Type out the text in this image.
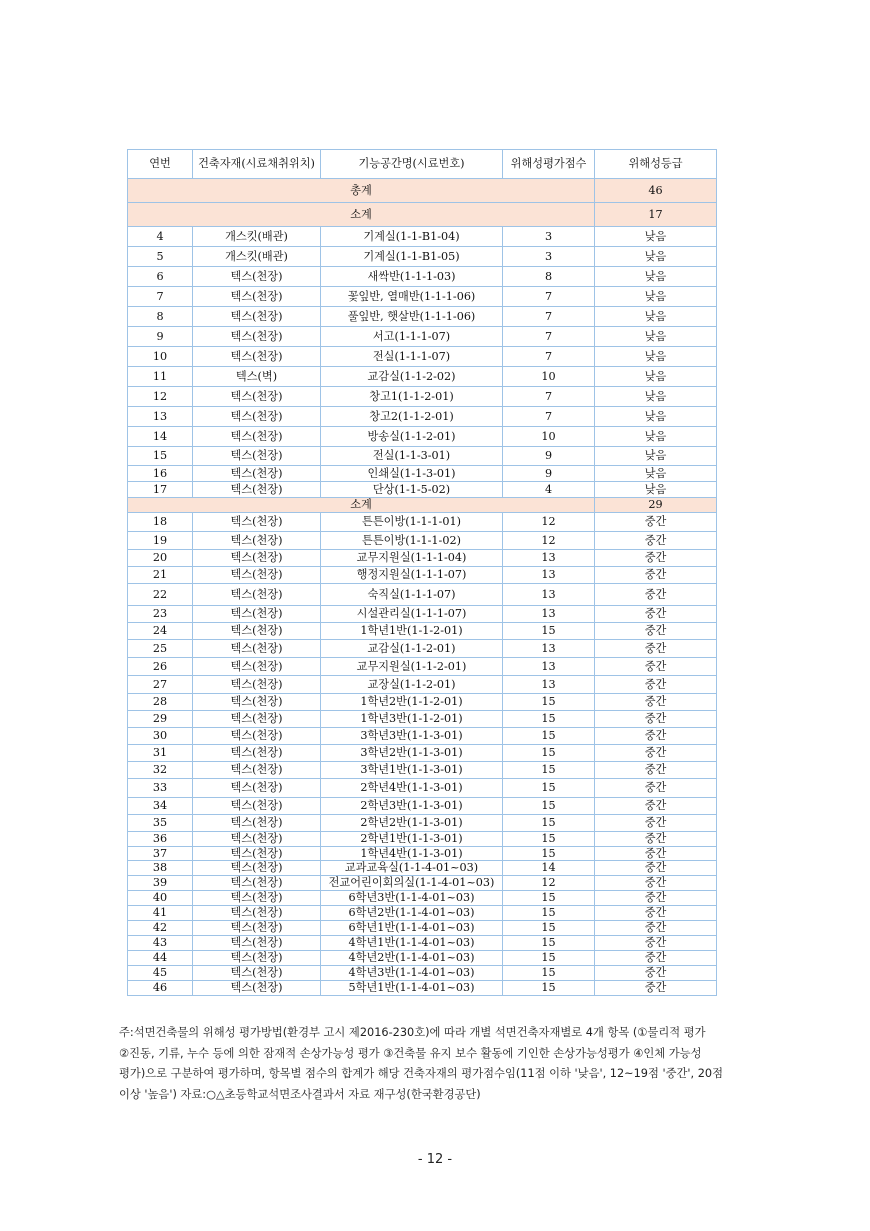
연번	건축자재(시료채취위치)	기능공간명(시료번호)	위해성평가점수	위해성등급
총계				46
소계				17
4	개스킷(배관)	기계실(1-1-B1-04)	3	낮음
5	개스킷(배관)	기계실(1-1-B1-05)	3	낮음
6	텍스(천장)	새싹반(1-1-1-03)	8	낮음
7	텍스(천장)	꽃잎반, 열매반(1-1-1-06)	7	낮음
8	텍스(천장)	풀잎반, 햇살반(1-1-1-06)	7	낮음
9	텍스(천장)	서고(1-1-1-07)	7	낮음
10	텍스(천장)	전실(1-1-1-07)	7	낮음
11	텍스(벽)	교감실(1-1-2-02)	10	낮음
12	텍스(천장)	창고1(1-1-2-01)	7	낮음
13	텍스(천장)	창고2(1-1-2-01)	7	낮음
14	텍스(천장)	방송실(1-1-2-01)	10	낮음
15	텍스(천장)	전실(1-1-3-01)	9	낮음
16	텍스(천장)	인쇄실(1-1-3-01)	9	낮음
17	텍스(천장)	단상(1-1-5-02)	4	낮음
소계				29
18	텍스(천장)	튼튼이방(1-1-1-01)	12	중간
19	텍스(천장)	튼튼이방(1-1-1-02)	12	중간
20	텍스(천장)	교무지원실(1-1-1-04)	13	중간
21	텍스(천장)	행정지원실(1-1-1-07)	13	중간
22	텍스(천장)	숙직실(1-1-1-07)	13	중간
23	텍스(천장)	시설관리실(1-1-1-07)	13	중간
24	텍스(천장)	1학년1반(1-1-2-01)	15	중간
25	텍스(천장)	교감실(1-1-2-01)	13	중간
26	텍스(천장)	교무지원실(1-1-2-01)	13	중간
27	텍스(천장)	교장실(1-1-2-01)	13	중간
28	텍스(천장)	1학년2반(1-1-2-01)	15	중간
29	텍스(천장)	1학년3반(1-1-2-01)	15	중간
30	텍스(천장)	3학년3반(1-1-3-01)	15	중간
31	텍스(천장)	3학년2반(1-1-3-01)	15	중간
32	텍스(천장)	3학년1반(1-1-3-01)	15	중간
33	텍스(천장)	2학년4반(1-1-3-01)	15	중간
34	텍스(천장)	2학년3반(1-1-3-01)	15	중간
35	텍스(천장)	2학년2반(1-1-3-01)	15	중간
36	텍스(천장)	2학년1반(1-1-3-01)	15	중간
37	텍스(천장)	1학년4반(1-1-3-01)	15	중간
38	텍스(천장)	교과교육실(1-1-4-01~03)	14	중간
39	텍스(천장)	전교어린이회의실(1-1-4-01~03)	12	중간
40	텍스(천장)	6학년3반(1-1-4-01~03)	15	중간
41	텍스(천장)	6학년2반(1-1-4-01~03)	15	중간
42	텍스(천장)	6학년1반(1-1-4-01~03)	15	중간
43	텍스(천장)	4학년1반(1-1-4-01~03)	15	중간
44	텍스(천장)	4학년2반(1-1-4-01~03)	15	중간
45	텍스(천장)	4학년3반(1-1-4-01~03)	15	중간
46	텍스(천장)	5학년1반(1-1-4-01~03)	15	중간
주:석면건축물의 위해성 평가방법(환경부 고시 제2016-230호)에 따라 개별 석면건축자재별로 4개 항목 (①물리적 평가
②진동, 기류, 누수 등에 의한 잠재적 손상가능성 평가 ③건축물 유지 보수 활동에 기인한 손상가능성평가 ④인체 가능성
평가)으로 구분하여 평가하며, 항목별 점수의 합계가 해당 건축자재의 평가점수임(11점 이하 '낮음', 12~19점 '중간', 20점
이상 '높음') 자료:○△초등학교석면조사결과서 자료 재구성(한국환경공단)
- 12 -
